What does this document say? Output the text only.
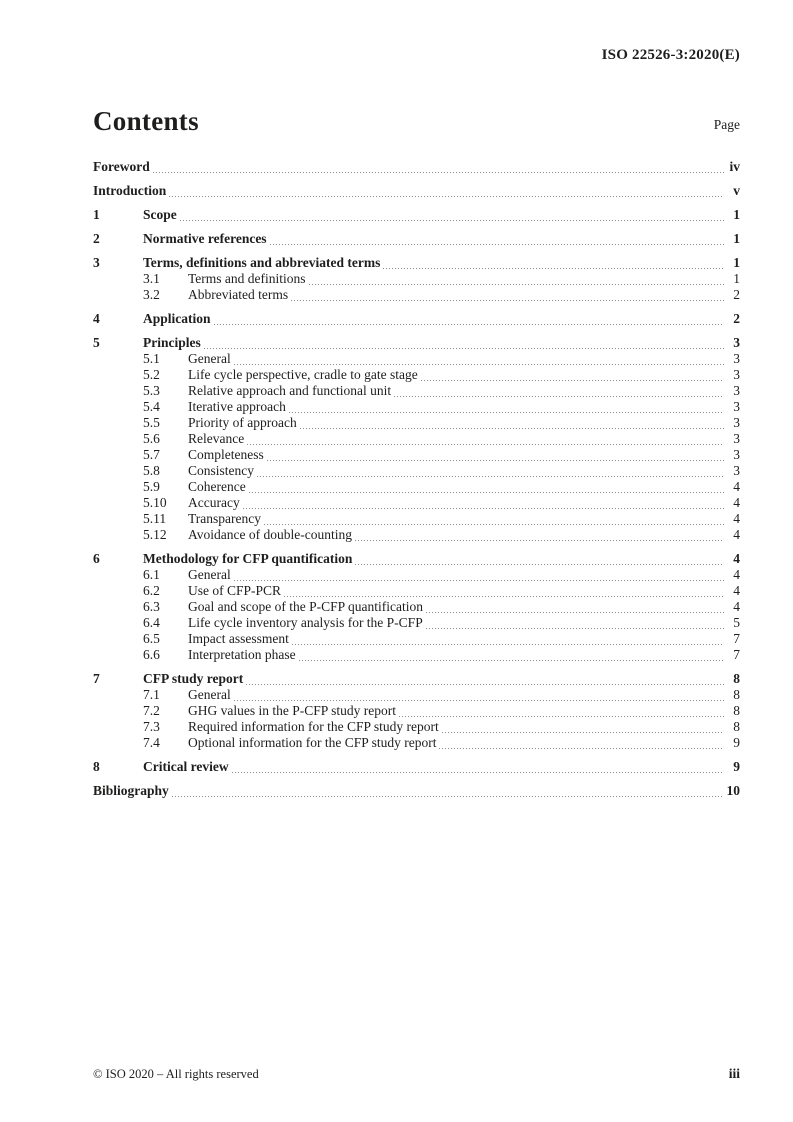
ISO 22526-3:2020(E)
Contents	Page
Foreword	iv
Introduction	v
1	Scope	1
2	Normative references	1
3	Terms, definitions and abbreviated terms	1
3.1	Terms and definitions	1
3.2	Abbreviated terms	2
4	Application	2
5	Principles	3
5.1	General	3
5.2	Life cycle perspective, cradle to gate stage	3
5.3	Relative approach and functional unit	3
5.4	Iterative approach	3
5.5	Priority of approach	3
5.6	Relevance	3
5.7	Completeness	3
5.8	Consistency	3
5.9	Coherence	4
5.10	Accuracy	4
5.11	Transparency	4
5.12	Avoidance of double-counting	4
6	Methodology for CFP quantification	4
6.1	General	4
6.2	Use of CFP-PCR	4
6.3	Goal and scope of the P-CFP quantification	4
6.4	Life cycle inventory analysis for the P-CFP	5
6.5	Impact assessment	7
6.6	Interpretation phase	7
7	CFP study report	8
7.1	General	8
7.2	GHG values in the P-CFP study report	8
7.3	Required information for the CFP study report	8
7.4	Optional information for the CFP study report	9
8	Critical review	9
Bibliography	10
© ISO 2020 – All rights reserved	iii
